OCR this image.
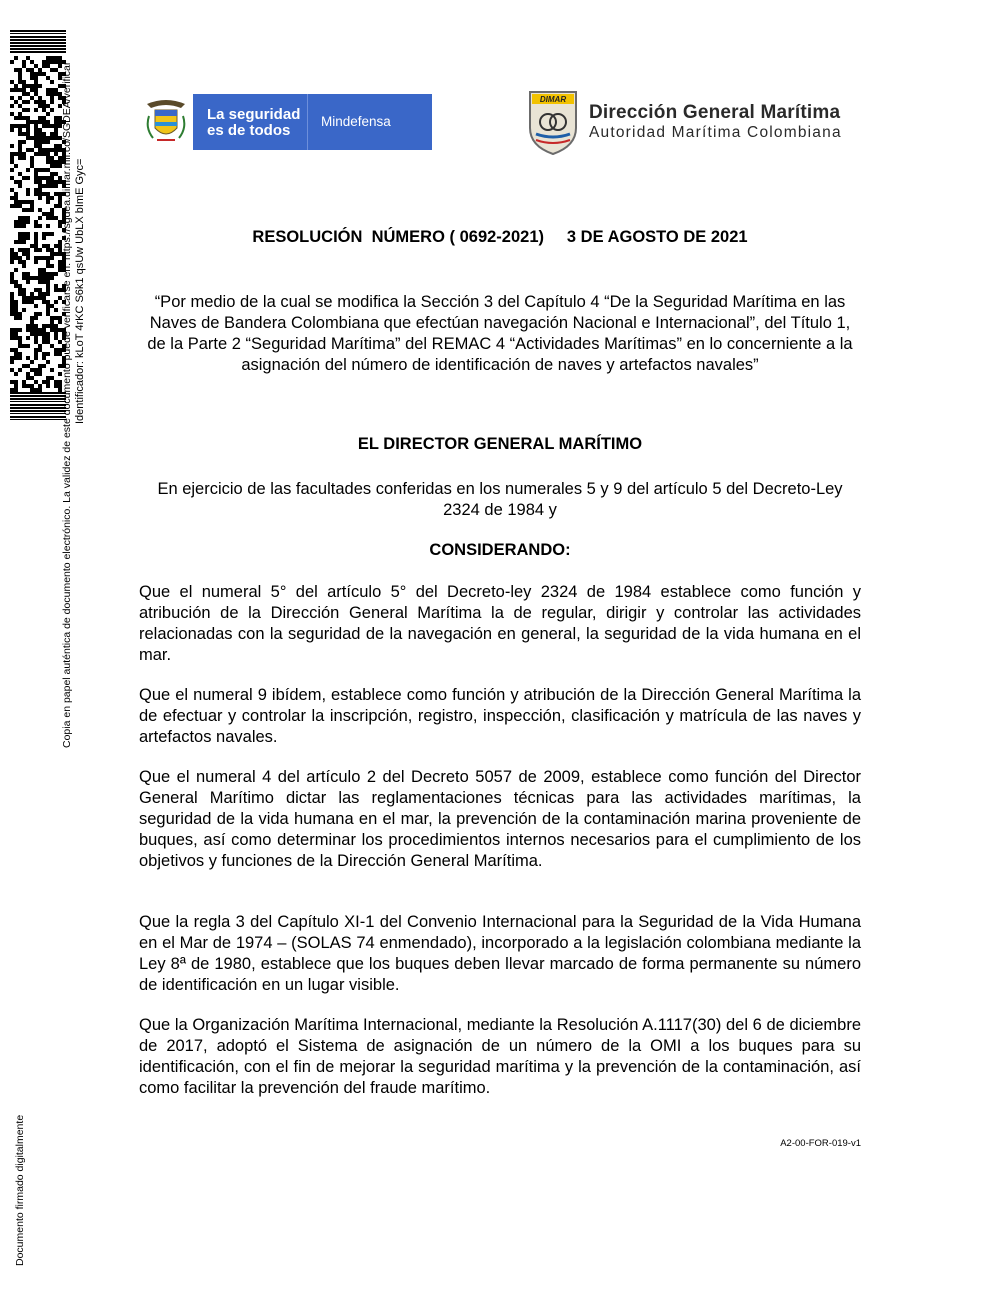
Copia en papel auténtica de documento electrónico. La validez de este documento puede verificarse en: https://sgdea.dimar.mil.co/SGDEA/verificar Identificador: kLoT 4rKC S6k1 qsUw UbLX bImE Gyc=
Documento firmado digitalmente
La seguridad
es de todos
Mindefensa
DIMAR
Dirección General Marítima
Autoridad Marítima Colombiana
RESOLUCIÓN  NÚMERO ( 0692-2021)     3 DE AGOSTO DE 2021
“Por medio de la cual se modifica la Sección 3 del Capítulo 4 “De la Seguridad Marítima en las Naves de Bandera Colombiana que efectúan navegación Nacional e Internacional”, del Título 1, de la Parte 2 “Seguridad Marítima” del REMAC 4 “Actividades Marítimas” en lo concerniente a la asignación del número de identificación de naves y artefactos navales”
EL DIRECTOR GENERAL MARÍTIMO
En ejercicio de las facultades conferidas en los numerales 5 y 9 del artículo 5 del Decreto-Ley 2324 de 1984 y
CONSIDERANDO:
Que el numeral 5° del artículo 5° del Decreto-ley 2324 de 1984 establece como función y atribución de la Dirección General Marítima la de regular, dirigir y controlar las actividades relacionadas con la seguridad de la navegación en general, la seguridad de la vida humana en el mar.
Que el numeral 9 ibídem, establece como función y atribución de la Dirección General Marítima la de efectuar y controlar la inscripción, registro, inspección, clasificación y matrícula de las naves y artefactos navales.
Que el numeral 4 del artículo 2 del Decreto 5057 de 2009, establece como función del Director General Marítimo dictar las reglamentaciones técnicas para las actividades marítimas, la seguridad de la vida humana en el mar, la prevención de la contaminación marina proveniente de buques, así como determinar los procedimientos internos necesarios para el cumplimiento de los objetivos y funciones de la Dirección General Marítima.
Que la regla 3 del Capítulo XI-1 del Convenio Internacional para la Seguridad de la Vida Humana en el Mar de 1974 – (SOLAS 74 enmendado), incorporado a la legislación colombiana mediante la Ley 8ª de 1980, establece que los buques deben llevar marcado de forma permanente su número de identificación en un lugar visible.
Que la Organización Marítima Internacional, mediante la Resolución A.1117(30) del 6 de diciembre de 2017, adoptó el Sistema de asignación de un número de la OMI a los buques para su identificación, con el fin de mejorar la seguridad marítima y la prevención de la contaminación, así como facilitar la prevención del fraude marítimo.
A2-00-FOR-019-v1
